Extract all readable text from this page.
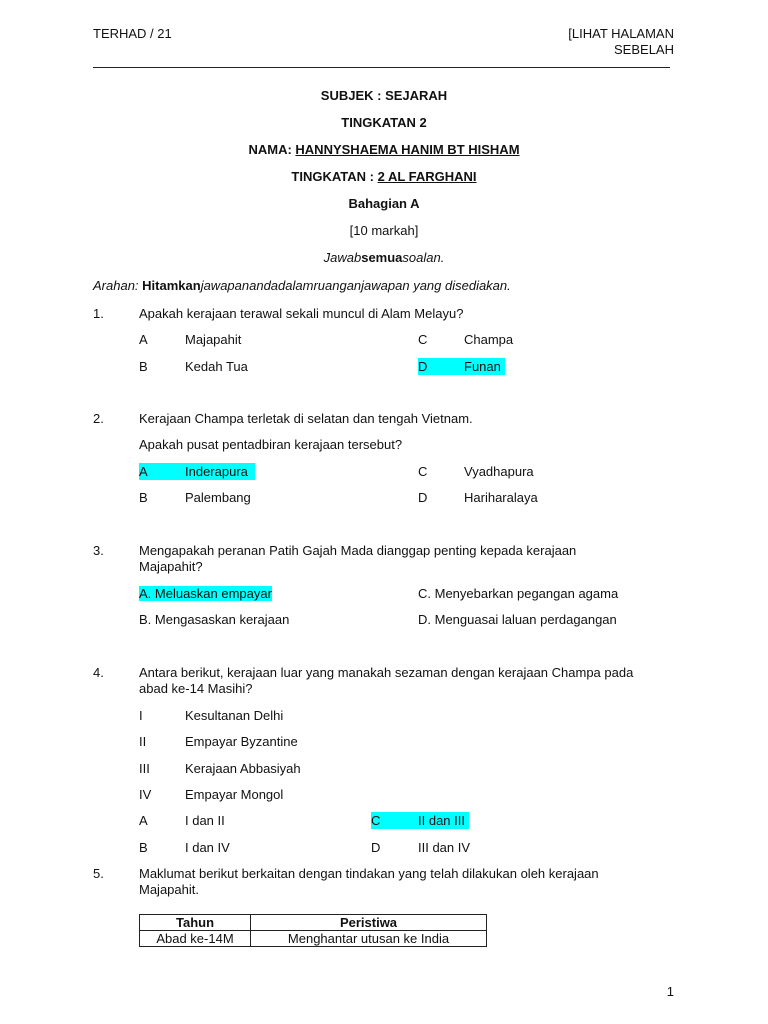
TERHAD / 21	[LIHAT HALAMAN
SEBELAH
SUBJEK : SEJARAH
TINGKATAN 2
NAMA: HANNYSHAEMA HANIM BT HISHAM
TINGKATAN : 2 AL FARGHANI
Bahagian A
[10 markah]
Jawabsemuasoalan.
Arahan: Hitamkanjawapanandadalamruanganjawapan yang disediakan.
1.	Apakah kerajaan terawal sekali muncul di Alam Melayu?
A	Majapahit	C	Champa
B	Kedah Tua	D	Funan
2.	Kerajaan Champa terletak di selatan dan tengah Vietnam.
Apakah pusat pentadbiran kerajaan tersebut?
A	Inderapura	C	Vyadhapura
B	Palembang	D	Hariharalaya
3.	Mengapakah peranan Patih Gajah Mada dianggap penting kepada kerajaan Majapahit?
A. Meluaskan empayar	C. Menyebarkan pegangan agama
B. Mengasaskan kerajaan	D. Menguasai laluan perdagangan
4.	Antara berikut, kerajaan luar yang manakah sezaman dengan kerajaan Champa pada abad ke-14 Masihi?
I	Kesultanan Delhi
II	Empayar Byzantine
III	Kerajaan Abbasiyah
IV	Empayar Mongol
A	I dan II	C	II dan III
B	I dan IV	D	III dan IV
5.	Maklumat berikut berkaitan dengan tindakan yang telah dilakukan oleh kerajaan Majapahit.
Tahun	Peristiwa
Abad ke-14M	Menghantar utusan ke India
1
